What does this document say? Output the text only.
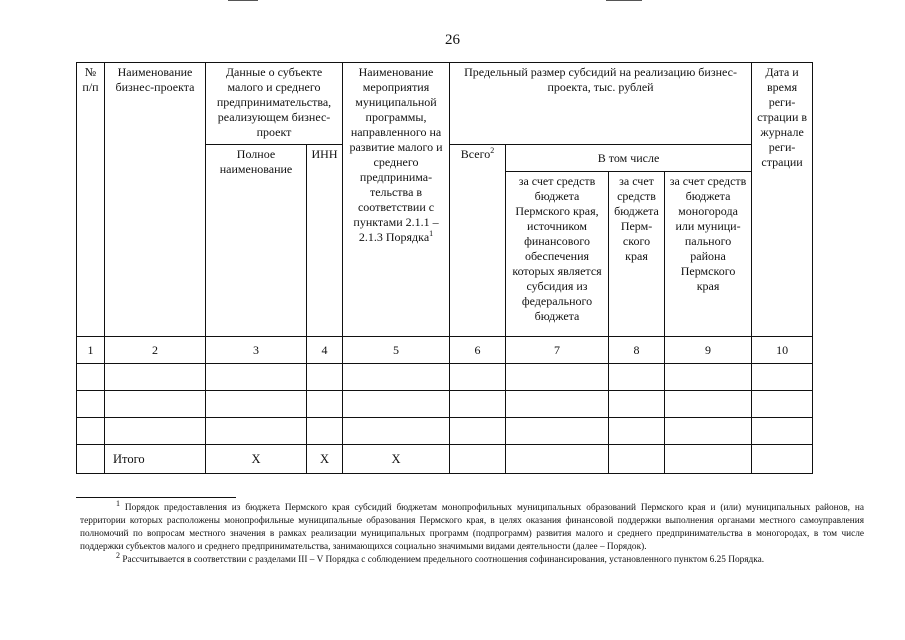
26
№ п/п	Наименование бизнес-проекта	Данные о субъекте малого и среднего предпринимательства, реализующем бизнес-проект		Наименование мероприятия муниципальной программы, направленного на развитие малого и среднего предпринима-тельства в соответствии с пунктами 2.1.1 – 2.1.3 Порядка$^1$	Предельный размер субсидий на реализацию бизнес-проекта, тыс. рублей				Дата и время реги-страции в журнале реги-страции
		Полное наименование	ИНН		Всего$^2$	В том числе			
						за счет средств бюджета Пермского края, источником финансового обеспечения которых является субсидия из федерального бюджета	за счет средств бюджета Перм-ского края	за счет средств бюджета моногорода или муници-пального района Пермского края	
1	2	3	4	5	6	7	8	9	10

	Итого	X	X	X					

$^1$ Порядок предоставления из бюджета Пермского края субсидий бюджетам монопрофильных муниципальных образований Пермского края и (или) муниципальных районов, на территории которых расположены монопрофильные муниципальные образования Пермского края, в целях оказания финансовой поддержки выполнения органами местного самоуправления полномочий по вопросам местного значения в рамках реализации муниципальных программ (подпрограмм) развития малого и среднего предпринимательства в моногородах, в том числе поддержки субъектов малого и среднего предпринимательства, занимающихся социально значимыми видами деятельности (далее – Порядок).

$^2$ Рассчитывается в соответствии с разделами III – V Порядка с соблюдением предельного соотношения софинансирования, установленного пунктом 6.25 Порядка.
